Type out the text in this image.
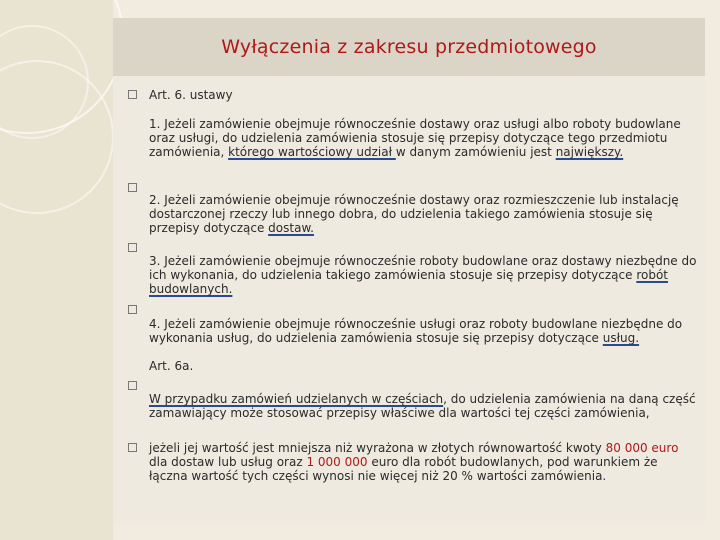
Wyłączenia z zakresu przedmiotowego

Art. 6. ustawy

1. Jeżeli zamówienie obejmuje równocześnie dostawy oraz usługi albo roboty budowlane oraz usługi, do udzielenia zamówienia stosuje się przepisy dotyczące tego przedmiotu zamówienia, którego wartościowy udział w danym zamówieniu jest największy.

2. Jeżeli zamówienie obejmuje równocześnie dostawy oraz rozmieszczenie lub instalację dostarczonej rzeczy lub innego dobra, do udzielenia takiego zamówienia stosuje się przepisy dotyczące dostaw.

3. Jeżeli zamówienie obejmuje równocześnie roboty budowlane oraz dostawy niezbędne do ich wykonania, do udzielenia takiego zamówienia stosuje się przepisy dotyczące robót budowlanych.

4. Jeżeli zamówienie obejmuje równocześnie usługi oraz roboty budowlane niezbędne do wykonania usług, do udzielenia zamówienia stosuje się przepisy dotyczące usług.

Art. 6a.

W przypadku zamówień udzielanych w częściach, do udzielenia zamówienia na daną część zamawiający może stosować przepisy właściwe dla wartości tej części zamówienia,

jeżeli jej wartość jest mniejsza niż wyrażona w złotych równowartość kwoty 80 000 euro dla dostaw lub usług oraz 1 000 000 euro dla robót budowlanych, pod warunkiem że łączna wartość tych części wynosi nie więcej niż 20 % wartości zamówienia.
